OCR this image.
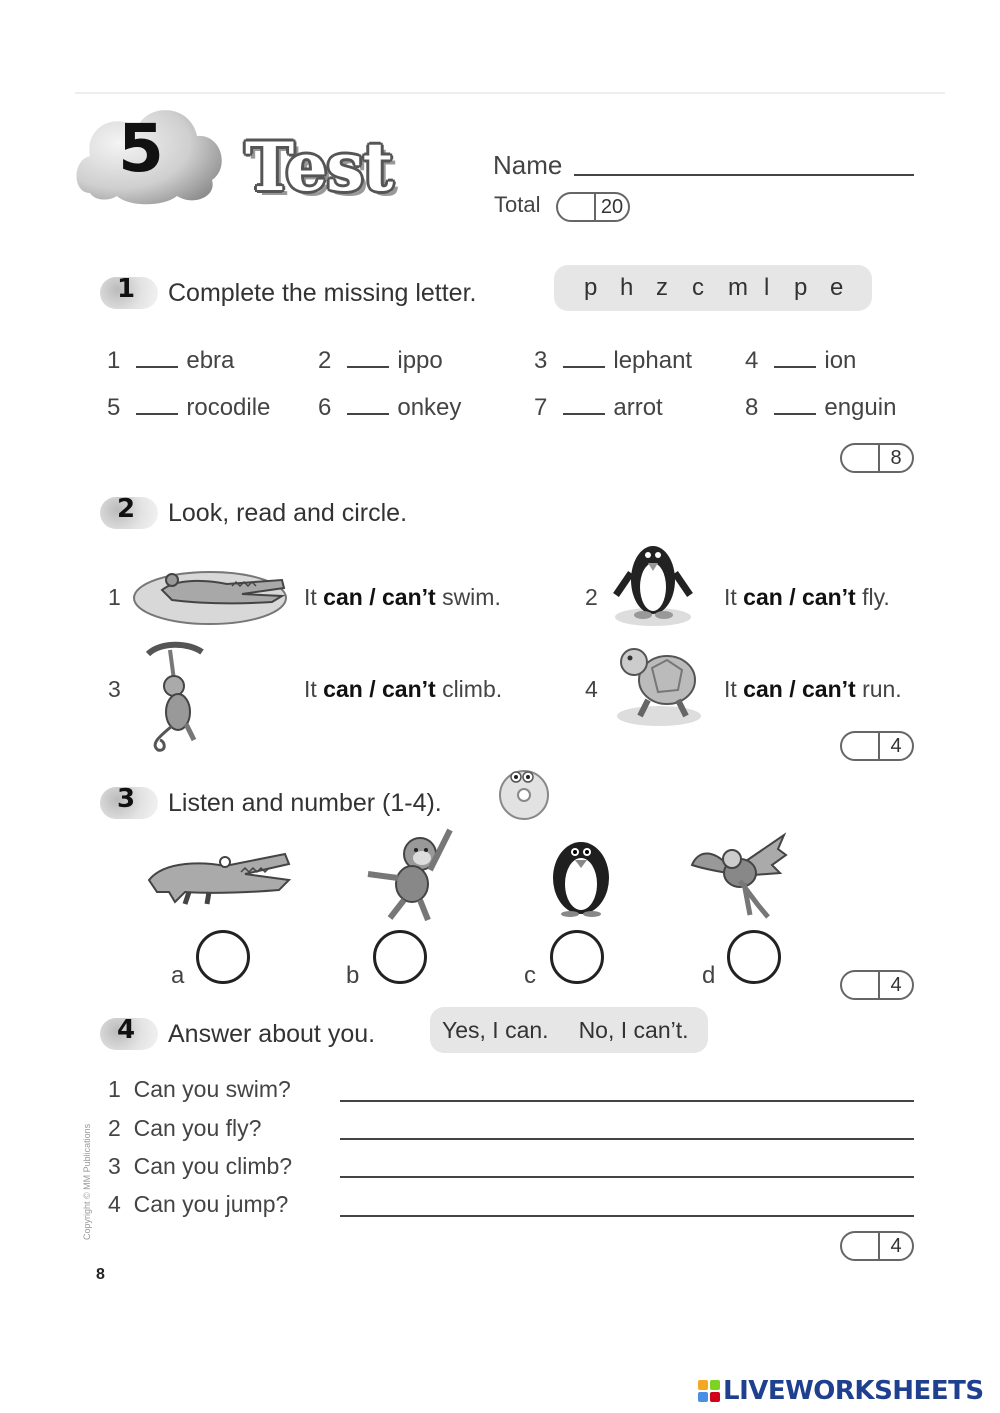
5 Test	Name
Total	20
1 Complete the missing letter.	p h z	c	m l	p e
1	ebra	2	ippo	3	lephant 4	ion
5	rocodile 6	onkey	7	arrot	8	enguin
8
2 Look, read and circle.
1	It can / can’t swim.	2	It can / can’t fly.
3	It can / can’t climb.	4	It can / can’t run.
4
3 Listen and number (1-4).
a	b	c	d	4
4 Answer about you.	Yes, I can. No, I can’t.
1 Can you swim?
2 Can you fly?
3 Can you climb?
4 Can you jump?
4
Copyright © MM Publications
8
LIVEWORKSHEETS
